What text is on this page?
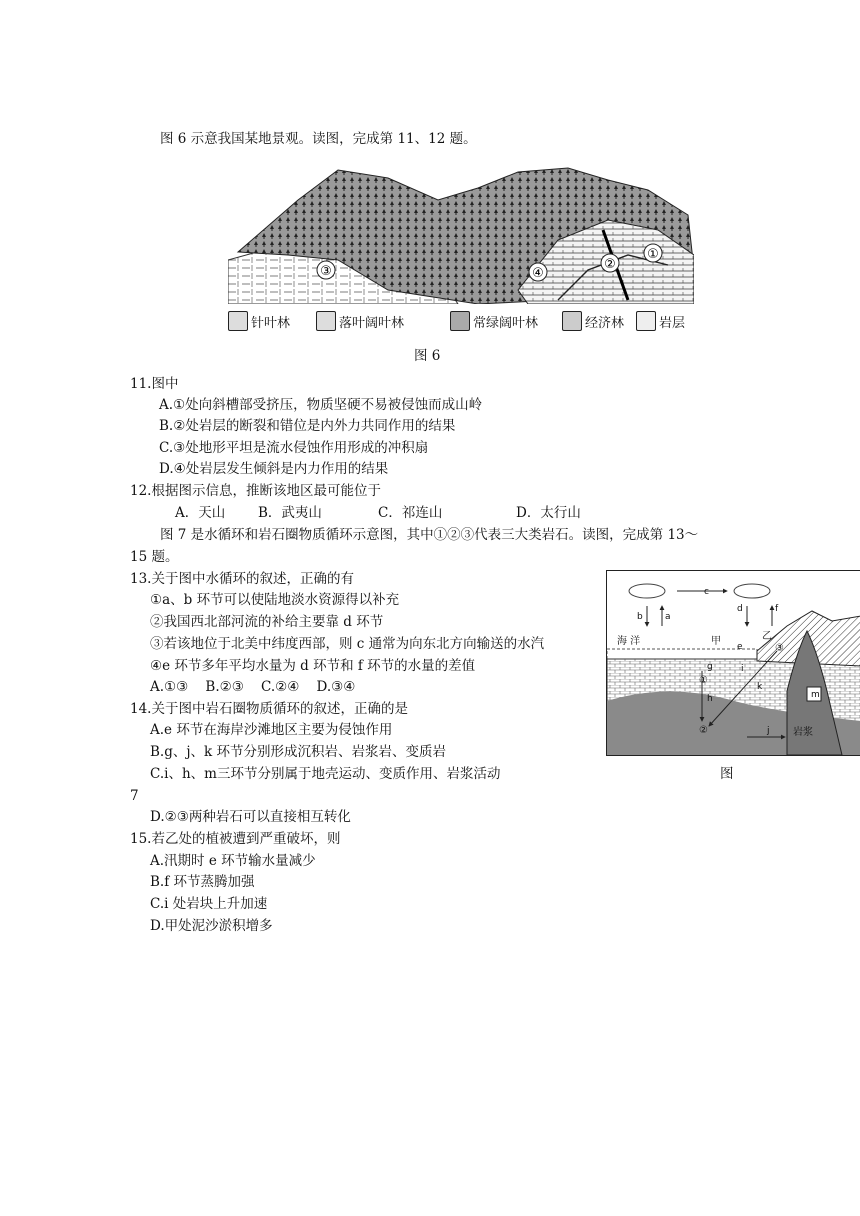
图 6 示意我国某地景观。读图，完成第 11、12 题。
①
②
③	④
针叶林	落叶阔叶林	常绿阔叶林	经济林	岩层
图 6
11.图中
A.①处向斜槽部受挤压，物质坚硬不易被侵蚀而成山岭
B.②处岩层的断裂和错位是内外力共同作用的结果
C.③处地形平坦是流水侵蚀作用形成的冲积扇
D.④处岩层发生倾斜是内力作用的结果
12.根据图示信息，推断该地区最可能位于
A．天山 B．武夷山	C．祁连山	D．太行山
图 7 是水循环和岩石圈物质循环示意图，其中①②③代表三大类岩石。读图，完成第 13～
15 题。
13.关于图中水循环的叙述，正确的有
①a、b 环节可以使陆地淡水资源得以补充
②我国西北部河流的补给主要靠 d 环节
③若该地位于北美中纬度西部，则 c 通常为向东北方向输送的水汽
④e 环节多年平均水量为 d 环节和 f 环节的水量的差值
A.①③    B.②③    C.②④    D.③④
14.关于图中岩石圈物质循环的叙述，正确的是
A.e 环节在海岸沙滩地区主要为侵蚀作用
B.g、j、k 环节分别形成沉积岩、岩浆岩、变质岩
C.i、h、m三环节分别属于地壳运动、变质作用、岩浆活动
7
D.②③两种岩石可以直接相互转化
15.若乙处的植被遭到严重破坏，则
A.汛期时 e 环节输水量减少
B.f 环节蒸腾加强
C.i 处岩块上升加速
D.甲处泥沙淤积增多
c
b a
d	f
海 洋	甲	乙
e
g	i
h
k
j
m
岩浆
①
②
③
图
